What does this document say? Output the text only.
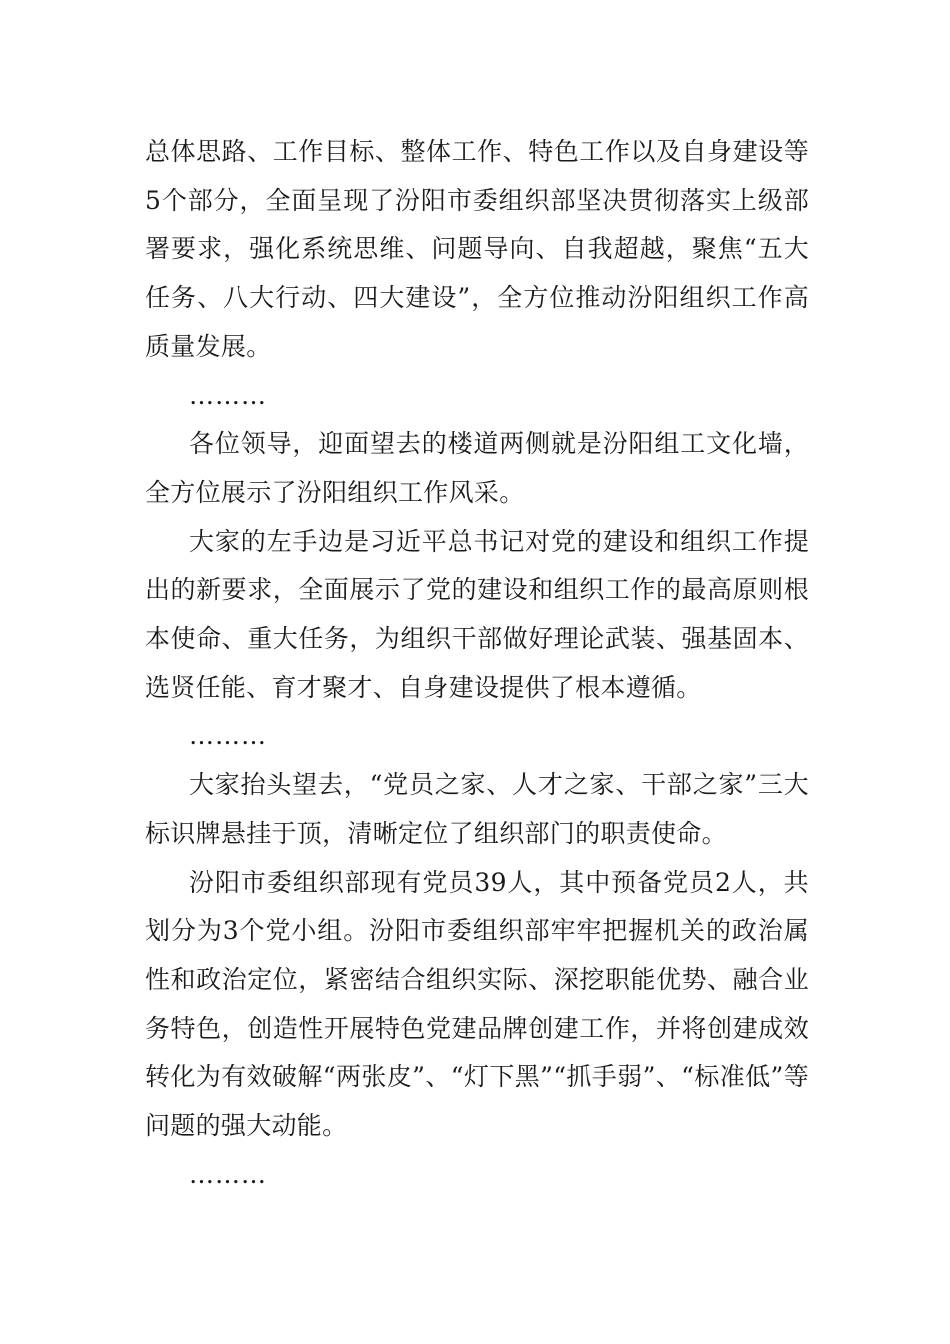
总体思路、工作目标、整体工作、特色工作以及自身建设等5个部分，全面呈现了汾阳市委组织部坚决贯彻落实上级部署要求，强化系统思维、问题导向、自我超越，聚焦“五大任务、八大行动、四大建设”，全方位推动汾阳组织工作高质量发展。

………

各位领导，迎面望去的楼道两侧就是汾阳组工文化墙，全方位展示了汾阳组织工作风采。

大家的左手边是习近平总书记对党的建设和组织工作提出的新要求，全面展示了党的建设和组织工作的最高原则根本使命、重大任务，为组织干部做好理论武装、强基固本、选贤任能、育才聚才、自身建设提供了根本遵循。

………

大家抬头望去，“党员之家、人才之家、干部之家”三大标识牌悬挂于顶，清晰定位了组织部门的职责使命。

汾阳市委组织部现有党员39人，其中预备党员2人，共划分为3个党小组。汾阳市委组织部牢牢把握机关的政治属性和政治定位，紧密结合组织实际、深挖职能优势、融合业务特色，创造性开展特色党建品牌创建工作，并将创建成效转化为有效破解“两张皮”、“灯下黑”“抓手弱”、“标准低”等问题的强大动能。

………
